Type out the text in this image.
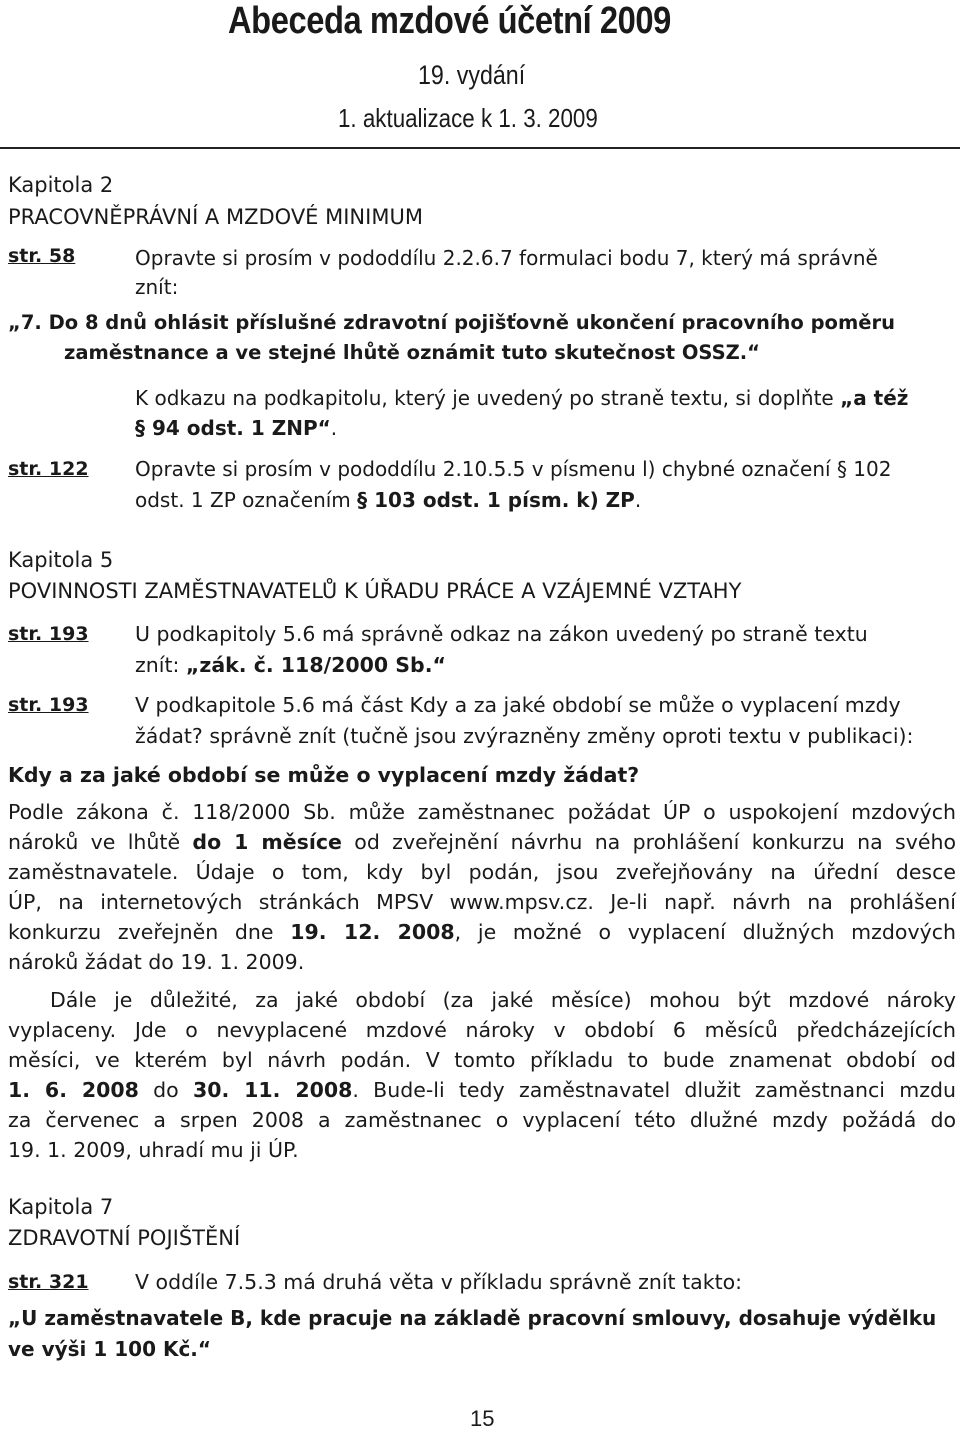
Abeceda mzdové účetní 2009
19. vydání
1. aktualizace k 1. 3. 2009
Kapitola 2
PRACOVNĚPRÁVNÍ A MZDOVÉ MINIMUM
str. 58	Opravte si prosím v pododdílu 2.2.6.7 formulaci bodu 7, který má správně
znít:
„7. Do 8 dnů ohlásit příslušné zdravotní pojišťovně ukončení pracovního poměru
zaměstnance a ve stejné lhůtě oznámit tuto skutečnost OSSZ.“
K odkazu na podkapitolu, který je uvedený po straně textu, si doplňte „a též
§ 94 odst. 1 ZNP“.
str. 122 Opravte si prosím v pododdílu 2.10.5.5 v písmenu l) chybné označení § 102
odst. 1 ZP označením § 103 odst. 1 písm. k) ZP.
Kapitola 5
POVINNOSTI ZAMĚSTNAVATELŮ K ÚŘADU PRÁCE A VZÁJEMNÉ VZTAHY
str. 193 U podkapitoly 5.6 má správně odkaz na zákon uvedený po straně textu
znít: „zák. č. 118/2000 Sb.“
str. 193 V podkapitole 5.6 má část Kdy a za jaké období se může o vyplacení mzdy
žádat? správně znít (tučně jsou zvýrazněny změny oproti textu v publikaci):
Kdy a za jaké období se může o vyplacení mzdy žádat?
Podle zákona č. 118/2000 Sb. může zaměstnanec požádat ÚP o uspokojení mzdových
nároků ve lhůtě do 1 měsíce od zveřejnění návrhu na prohlášení konkurzu na svého
zaměstnavatele. Údaje o tom, kdy byl podán, jsou zveřejňovány na úřední desce
ÚP, na internetových stránkách MPSV www.mpsv.cz. Je-li např. návrh na prohlášení
konkurzu zveřejněn dne 19. 12. 2008, je možné o vyplacení dlužných mzdových
nároků žádat do 19. 1. 2009.
Dále je důležité, za jaké období (za jaké měsíce) mohou být mzdové nároky
vyplaceny. Jde o nevyplacené mzdové nároky v období 6 měsíců předcházejících
měsíci, ve kterém byl návrh podán. V tomto příkladu to bude znamenat období od
1. 6. 2008 do 30. 11. 2008. Bude-li tedy zaměstnavatel dlužit zaměstnanci mzdu
za červenec a srpen 2008 a zaměstnanec o vyplacení této dlužné mzdy požádá do
19. 1. 2009, uhradí mu ji ÚP.
Kapitola 7
ZDRAVOTNÍ POJIŠTĚNÍ
str. 321 V oddíle 7.5.3 má druhá věta v příkladu správně znít takto:
„U zaměstnavatele B, kde pracuje na základě pracovní smlouvy, dosahuje výdělku
ve výši 1 100 Kč.“
15
